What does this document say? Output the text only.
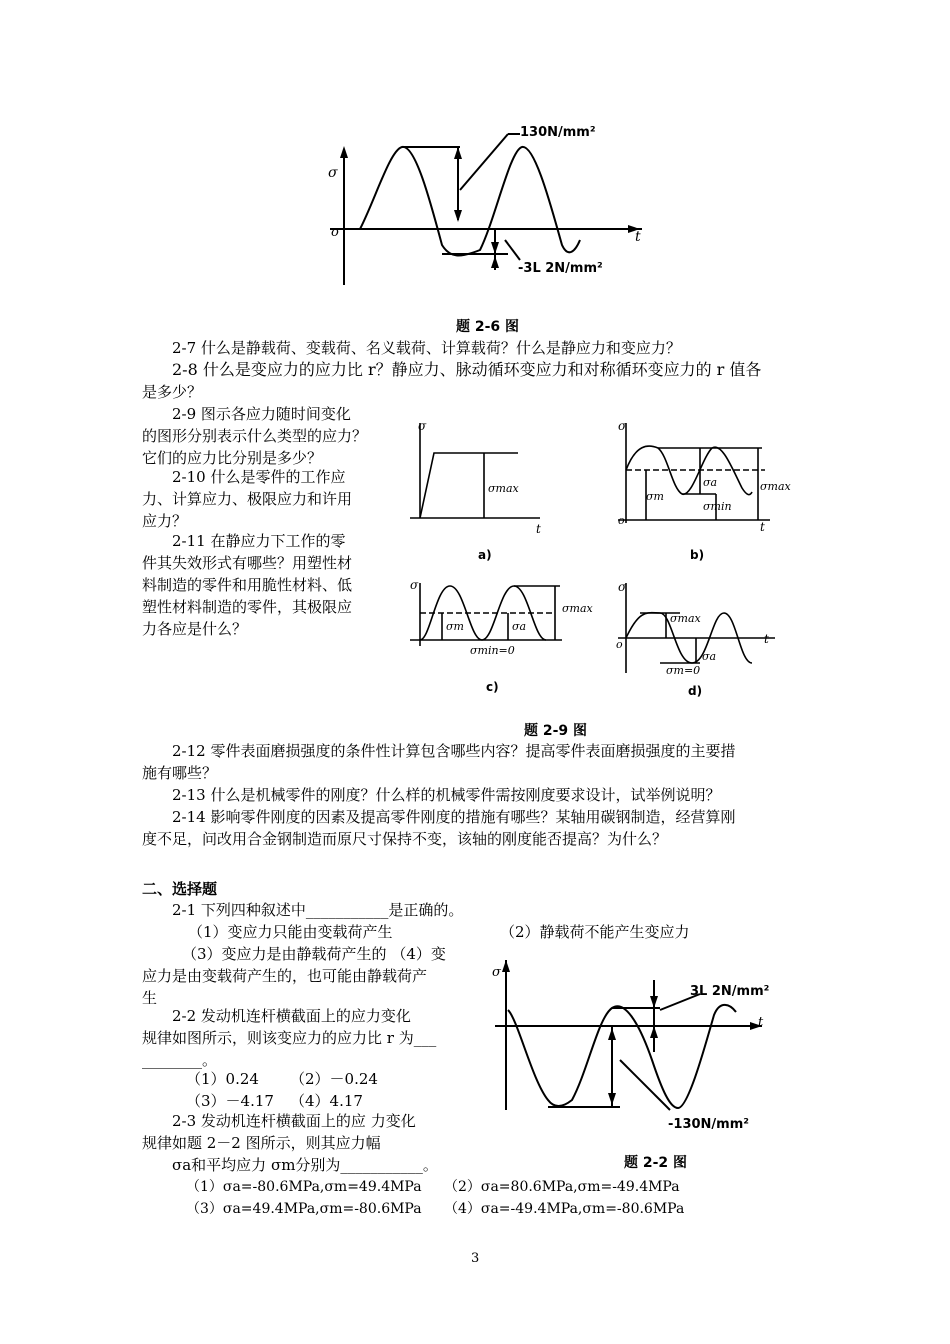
130N/mm²
-3L 2N/mm²
σ
t
o
题 2-6 图
2-7 什么是静载荷、变载荷、名义载荷、计算载荷？什么是静应力和变应力？
2-8 什么是变应力的应力比 r？静应力、脉动循环变应力和对称循环变应力的 r 值各
是多少？
2-9 图示各应力随时间变化
的图形分别表示什么类型的应力？
它们的应力比分别是多少？
2-10 什么是零件的工作应
力、计算应力、极限应力和许用
应力？
2-11 在静应力下工作的零
件其失效形式有哪些？用塑性材
料制造的零件和用脆性材料、低
塑性材料制造的零件，其极限应
力各应是什么？
σ
t
σmax
a)
σ
t
o
σmax
σm
σa
σmin
b)
σ
σmax
σm	σa
σmin=0
c)
σ
t
o
σmax
σa
σm=0
d)
题 2-9 图
2-12 零件表面磨损强度的条件性计算包含哪些内容？提高零件表面磨损强度的主要措
施有哪些？
2-13 什么是机械零件的刚度？什么样的机械零件需按刚度要求设计，试举例说明？
2-14 影响零件刚度的因素及提高零件刚度的措施有哪些？某轴用碳钢制造，经营算刚
度不足，问改用合金钢制造而原尺寸保持不变，该轴的刚度能否提高？为什么？
二、选择题
2-1 下列四种叙述中___________是正确的。
（1）变应力只能由变载荷产生	（2）静载荷不能产生变应力
（3）变应力是由静载荷产生的 （4）变
应力是由变载荷产生的，也可能由静载荷产
生
2-2 发动机连杆横截面上的应力变化
规律如图所示，则该变应力的应力比 r 为___
________。
（1）0.24 （2）－0.24
（3）－4.17 （4）4.17
2-3 发动机连杆横截面上的应 力变化
规律如题 2－2 图所示，则其应力幅
σa和平均应力 σm分别为___________。
（1）σa=-80.6MPa,σm=49.4MPa （2）σa=80.6MPa,σm=-49.4MPa
（3）σa=49.4MPa,σm=-80.6MPa （4）σa=-49.4MPa,σm=-80.6MPa
3L 2N/mm²
-130N/mm²
σ
t
题 2-2 图
3
